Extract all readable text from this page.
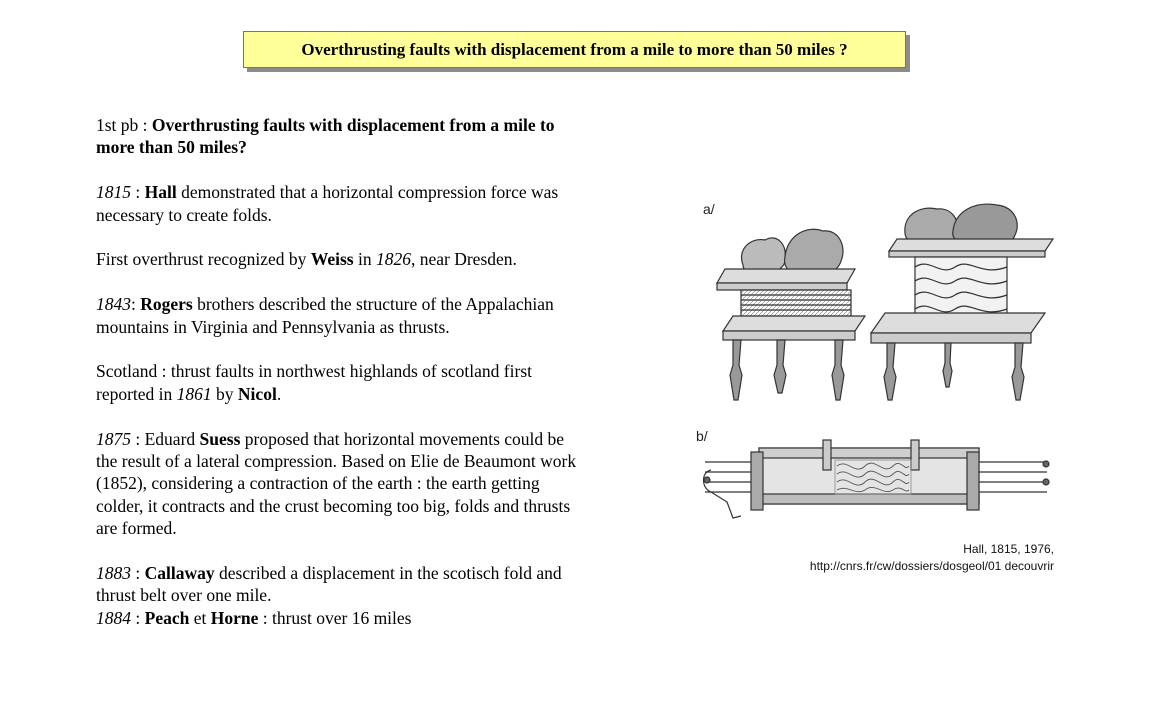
Overthrusting faults with displacement from a mile to more than 50 miles ?

1st pb : Overthrusting faults with displacement from a mile to more than 50 miles?

1815 : Hall demonstrated that a horizontal compression force was necessary to create folds.

First overthrust recognized by Weiss in 1826, near Dresden.

1843: Rogers brothers described the structure of the Appalachian mountains in Virginia and Pennsylvania as thrusts.

Scotland : thrust faults in northwest highlands of scotland first reported in 1861 by Nicol.

1875 : Eduard Suess proposed that horizontal movements could be the result of a lateral compression. Based on Elie de Beaumont work (1852), considering a contraction of the earth : the earth getting colder, it contracts and the crust becoming too big, folds and thrusts are formed.

1883 : Callaway described a displacement in the scotisch fold and thrust belt over one mile.

1884 : Peach et Horne : thrust over 16 miles

a/
b/
Hall, 1815, 1976,
http://cnrs.fr/cw/dossiers/dosgeol/01 decouvrir
